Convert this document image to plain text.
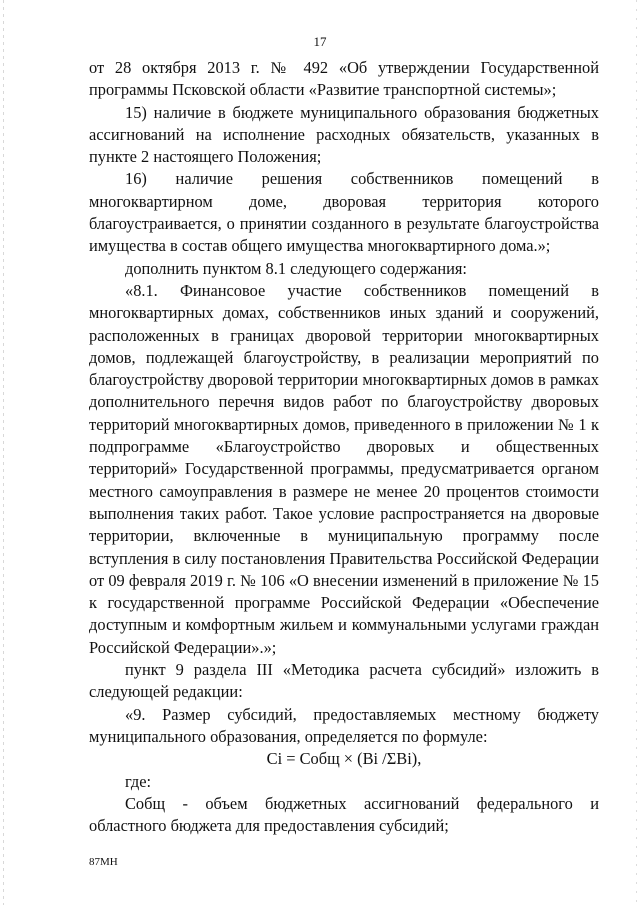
17

от 28 октября 2013 г. № 492 «Об утверждении Государственной программы Псковской области «Развитие транспортной системы»;

15) наличие в бюджете муниципального образования бюджетных ассигнований на исполнение расходных обязательств, указанных в пункте 2 настоящего Положения;

16) наличие решения собственников помещений в многоквартирном доме, дворовая территория которого благоустраивается, о принятии созданного в результате благоустройства имущества в состав общего имущества многоквартирного дома.»;

дополнить пунктом 8.1 следующего содержания:

«8.1. Финансовое участие собственников помещений в многоквартирных домах, собственников иных зданий и сооружений, расположенных в границах дворовой территории многоквартирных домов, подлежащей благоустройству, в реализации мероприятий по благоустройству дворовой территории многоквартирных домов в рамках дополнительного перечня видов работ по благоустройству дворовых территорий многоквартирных домов, приведенного в приложении № 1 к подпрограмме «Благоустройство дворовых и общественных территорий» Государственной программы, предусматривается органом местного самоуправления в размере не менее 20 процентов стоимости выполнения таких работ. Такое условие распространяется на дворовые территории, включенные в муниципальную программу после вступления в силу постановления Правительства Российской Федерации от 09 февраля 2019 г. № 106 «О внесении изменений в приложение № 15 к государственной программе Российской Федерации «Обеспечение доступным и комфортным жильем и коммунальными услугами граждан Российской Федерации».»;

пункт 9 раздела III «Методика расчета субсидий» изложить в следующей редакции:

«9. Размер субсидий, предоставляемых местному бюджету муниципального образования, определяется по формуле:

Ci = Cобщ × (Bi /ΣBi),

где:

Cобщ - объем бюджетных ассигнований федерального и областного бюджета для предоставления субсидий;

87МН
